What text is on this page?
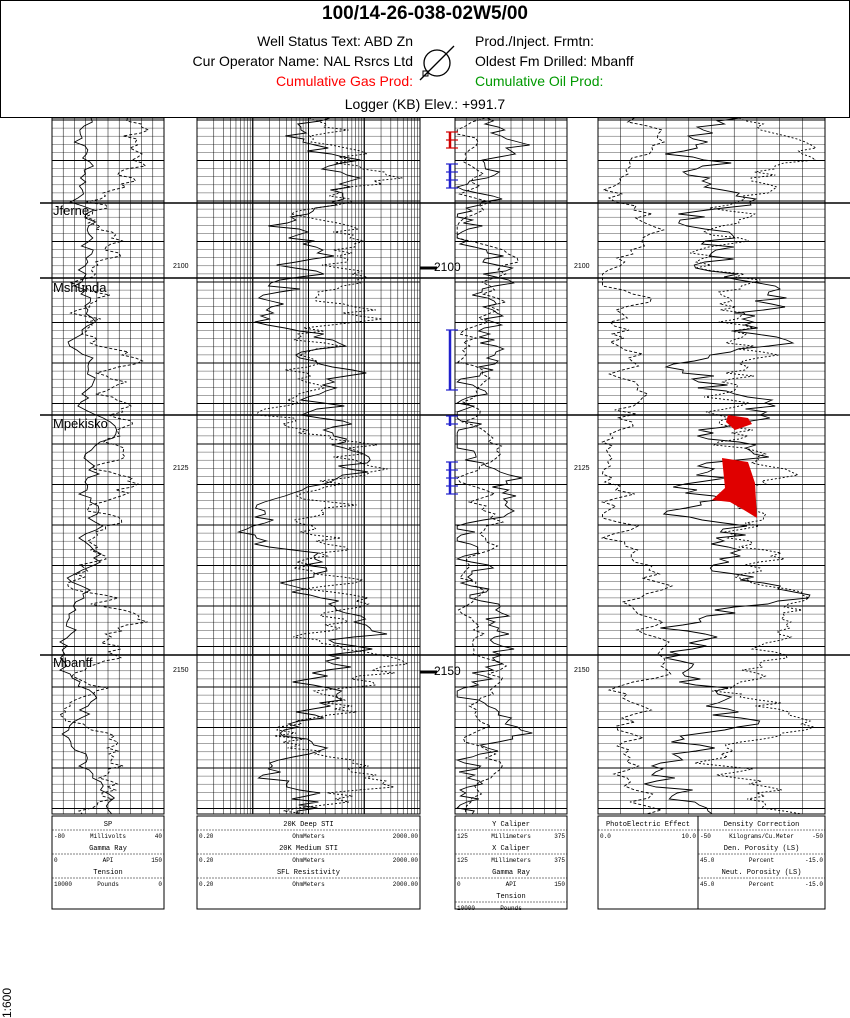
100/14-26-038-02W5/00
Well Status Text: ABD Zn
Cur Operator Name: NAL Rsrcs Ltd
Cumulative Gas Prod:
Prod./Inject. Frmtn:
Oldest Fm Drilled: Mbanff
Cumulative Oil Prod:
Logger (KB) Elev.: +991.7
Jferne
Mshunda
Mpekisko
Mbanff
2100
2125
2150
2100
2150
2100
2125
2150
SP
-80	Millivolts	40
Gamma Ray
0	API	150
Tension
10000	Pounds	0
20K Deep STI
0.20	OhmMeters	2000.00
20K Medium STI
0.20	OhmMeters	2000.00
SFL Resistivity
0.20	OhmMeters	2000.00
Y Caliper
125	Millimeters	375
X Caliper
125	Millimeters	375
Gamma Ray
0	API	150
Tension
10000	Pounds
PhotoElectric Effect
0.0	10.0
Density Correction
-50	Kilograms/Cu.Meter	-50
Den. Porosity (LS)
45.0	Percent	-15.0
Neut. Porosity (LS)
45.0	Percent	-15.0
1:600
